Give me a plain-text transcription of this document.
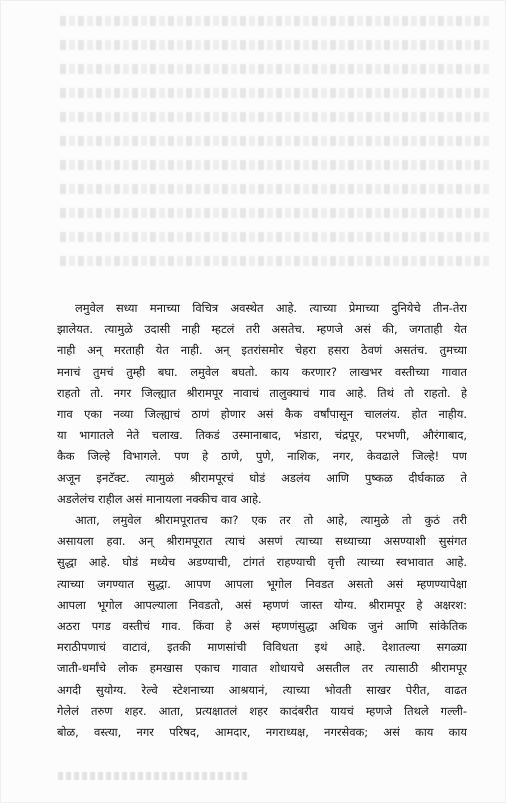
लमुवेल सध्या मनाच्या विचित्र अवस्थेत आहे. त्याच्या प्रेमाच्या दुनियेचे तीन-तेरा
झालेयत. त्यामुळे उदासी नाही म्हटलं तरी असतेच. म्हणजे असं की, जगताही येत
नाही अन् मरताही येत नाही. अन् इतरांसमोर चेहरा हसरा ठेवणं असतंच. तुमच्या
मनाचं तुमचं तुम्ही बघा. लमुवेल बघतो. काय करणार? लाखभर वस्तीच्या गावात
राहतो तो. नगर जिल्ह्यात श्रीरामपूर नावाचं तालुक्याचं गाव आहे. तिथं तो राहतो. हे
गाव एका नव्या जिल्ह्याचं ठाणं होणार असं कैक वर्षांपासून चाललंय. होत नाहीय.
या भागातले नेते चलाख. तिकडं उस्मानाबाद, भंडारा, चंद्रपूर, परभणी, औरंगाबाद,
कैक जिल्हे विभागले. पण हे ठाणे, पुणे, नाशिक, नगर, केवढाले जिल्हे! पण
अजून इनटॅक्ट. त्यामुळं श्रीरामपूरचं घोडं अडलंय आणि पुष्कळ दीर्घकाळ ते
अडलेलंच राहील असं मानायला नक्कीच वाव आहे.

आता, लमुवेल श्रीरामपूरातच का? एक तर तो आहे, त्यामुळे तो कुठं तरी
असायला हवा. अन् श्रीरामपूरात त्याचं असणं त्याच्या सध्याच्या असण्याशी सुसंगत
सुद्धा आहे. घोडं मध्येच अडण्याची, टांगतं राहण्याची वृत्ती त्याच्या स्वभावात आहे.
त्याच्या जगण्यात सुद्धा. आपण आपला भूगोल निवडत असतो असं म्हणण्यापेक्षा
आपला भूगोल आपल्याला निवडतो, असं म्हणणं जास्त योग्य. श्रीरामपूर हे अक्षरश:
अठरा पगड वस्तीचं गाव. किंवा हे असं म्हणणंसुद्धा अधिक जुनं आणि सांकेतिक
मराठीपणाचं वाटावं, इतकी माणसांची विविधता इथं आहे. देशातल्या सगळ्या
जाती-धर्मांचे लोक हमखास एकाच गावात शोधायचे असतील तर त्यासाठी श्रीरामपूर
अगदी सुयोग्य. रेल्वे स्टेशनाच्या आश्रयानं, त्याच्या भोवती साखर पेरीत, वाढत
गेलेलं तरुण शहर. आता, प्रत्यक्षातलं शहर कादंबरीत यायचं म्हणजे तिथले गल्ली-
बोळ, वस्त्या, नगर परिषद, आमदार, नगराध्यक्ष, नगरसेवक; असं काय काय
